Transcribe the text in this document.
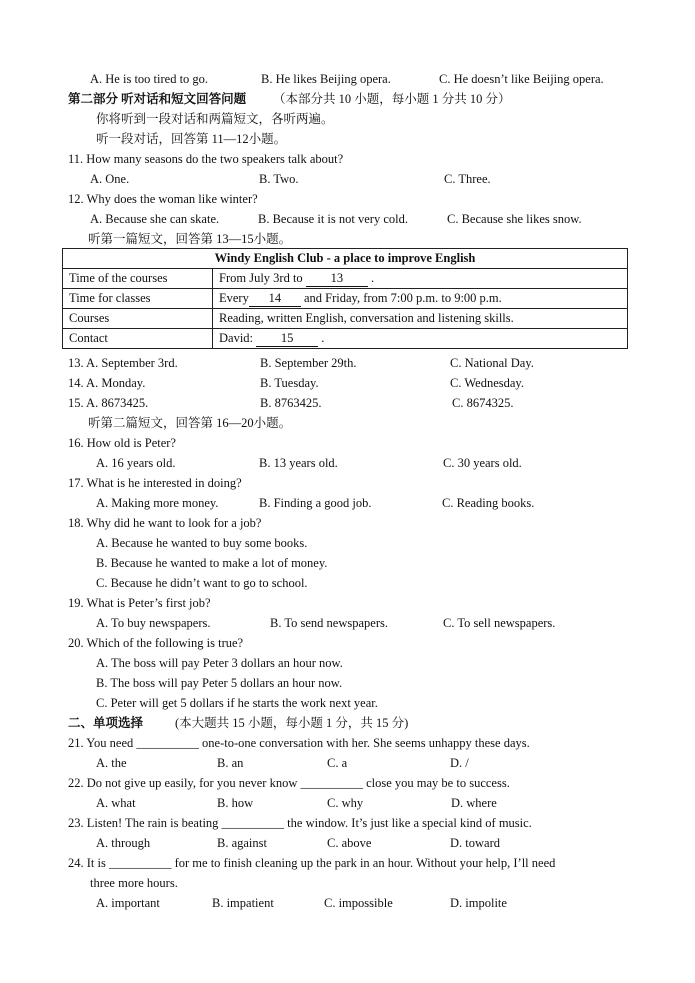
A. He is too tired to go.	B. He likes Beijing opera.	C. He doesn’t like Beijing opera.
第二部分 听对话和短文回答问题 （本部分共 10 小题，每小题 1 分共 10 分）
你将听到一段对话和两篇短文，各听两遍。
听一段对话，回答第 11—12小题。
11. How many seasons do the two speakers talk about?
A. One.	B. Two.	C. Three.
12. Why does the woman like winter?
A. Because she can skate.	B. Because it is not very cold.	C. Because she likes snow.
听第一篇短文，回答第 13—15小题。
Windy English Club - a place to improve English	
Time of the courses	From July 3rd to 13 .
Time for classes	Every 14 and Friday, from 7:00 p.m. to 9:00 p.m.
Courses	Reading, written English, conversation and listening skills.
Contact	David: 15 .
13. A. September 3rd.	B. September 29th.	C. National Day.
14. A. Monday.	B. Tuesday.	C. Wednesday.
15. A. 8673425.	B. 8763425.	C. 8674325.
听第二篇短文，回答第 16—20小题。
16. How old is Peter?
A. 16 years old.	B. 13 years old.	C. 30 years old.
17. What is he interested in doing?
A. Making more money.	B. Finding a good job.	C. Reading books.
18. Why did he want to look for a job?
A. Because he wanted to buy some books.
B. Because he wanted to make a lot of money.
C. Because he didn’t want to go to school.
19. What is Peter’s first job?
A. To buy newspapers.	B. To send newspapers.	C. To sell newspapers.
20. Which of the following is true?
A. The boss will pay Peter 3 dollars an hour now.
B. The boss will pay Peter 5 dollars an hour now.
C. Peter will get 5 dollars if he starts the work next year.
二、单项选择	(本大题共 15 小题，每小题 1 分，共 15 分)
21. You need __________ one-to-one conversation with her. She seems unhappy these days.
A. the	B. an	C. a	D. /
22. Do not give up easily, for you never know __________ close you may be to success.
A. what	B. how	C. why	D. where
23. Listen! The rain is beating __________ the window. It’s just like a special kind of music.
A. through	B. against	C. above	D. toward
24. It is __________ for me to finish cleaning up the park in an hour. Without your help, I’ll need
three more hours.
A. important	B. impatient	C. impossible	D. impolite
